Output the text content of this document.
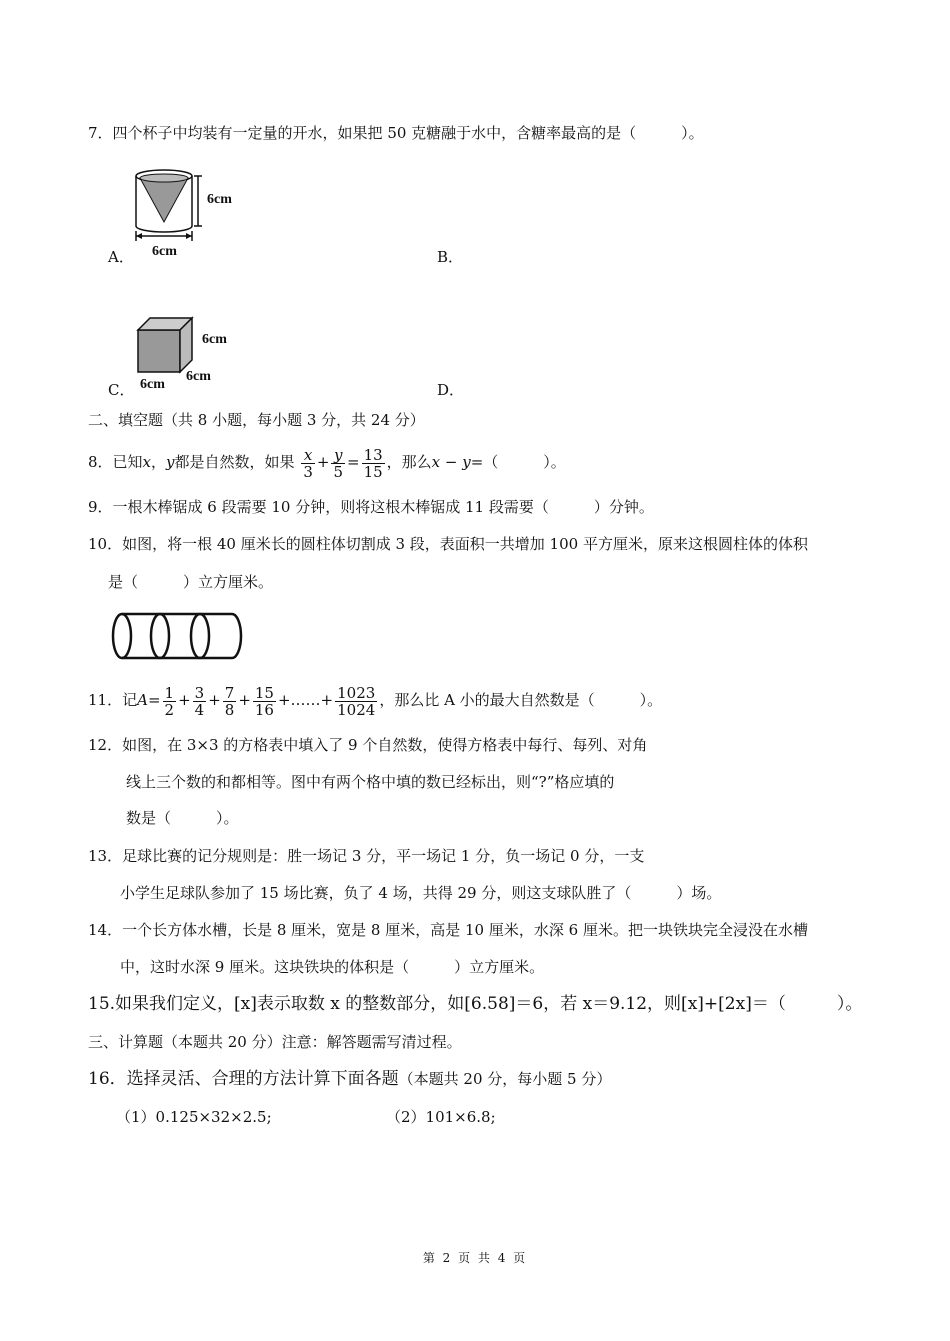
7．四个杯子中均装有一定量的开水，如果把 50 克糖融于水中，含糖率最高的是（　　　）。
6cm
6cm
A．	B．
6cm
6cm
6cm
C．	D．
二、填空题（共 8 小题，每小题 3 分，共 24 分）
8．已知x，y都是自然数，如果 $\frac{x}{3} + \frac{y}{5} = \frac{13}{15}$ ，那么x − y=（　　　）。
9．一根木棒锯成 6 段需要 10 分钟，则将这根木棒锯成 11 段需要（　　　）分钟。
10．如图，将一根 40 厘米长的圆柱体切割成 3 段，表面积一共增加 100 平方厘米，原来这根圆柱体的体积
是（　　　）立方厘米。
11．记$A= \frac{1}{2} + \frac{3}{4} + \frac{7}{8} + \frac{15}{16}$ +……+ $\frac{1023}{1024}$ ，那么比 A 小的最大自然数是（　　　）。
12．如图，在 3×3 的方格表中填入了 9 个自然数，使得方格表中每行、每列、对角
线上三个数的和都相等。图中有两个格中填的数已经标出，则“?”格应填的
数是（　　　）。
13．足球比赛的记分规则是：胜一场记 3 分，平一场记 1 分，负一场记 0 分，一支
小学生足球队参加了 15 场比赛，负了 4 场，共得 29 分，则这支球队胜了（　　　）场。
14．一个长方体水槽，长是 8 厘米，宽是 8 厘米，高是 10 厘米，水深 6 厘米。把一块铁块完全浸没在水槽
中，这时水深 9 厘米。这块铁块的体积是（　　　）立方厘米。
15.如果我们定义，[x]表示取数 x 的整数部分，如[6.58]＝6，若 x＝9.12，则[x]+[2x]＝（　　　）。
三、计算题（本题共 20 分）注意：解答题需写清过程。
16．选择灵活、合理的方法计算下面各题（本题共 20 分，每小题 5 分）
（1）0.125×32×2.5;	（2）101×6.8;
第 2 页 共 4 页
